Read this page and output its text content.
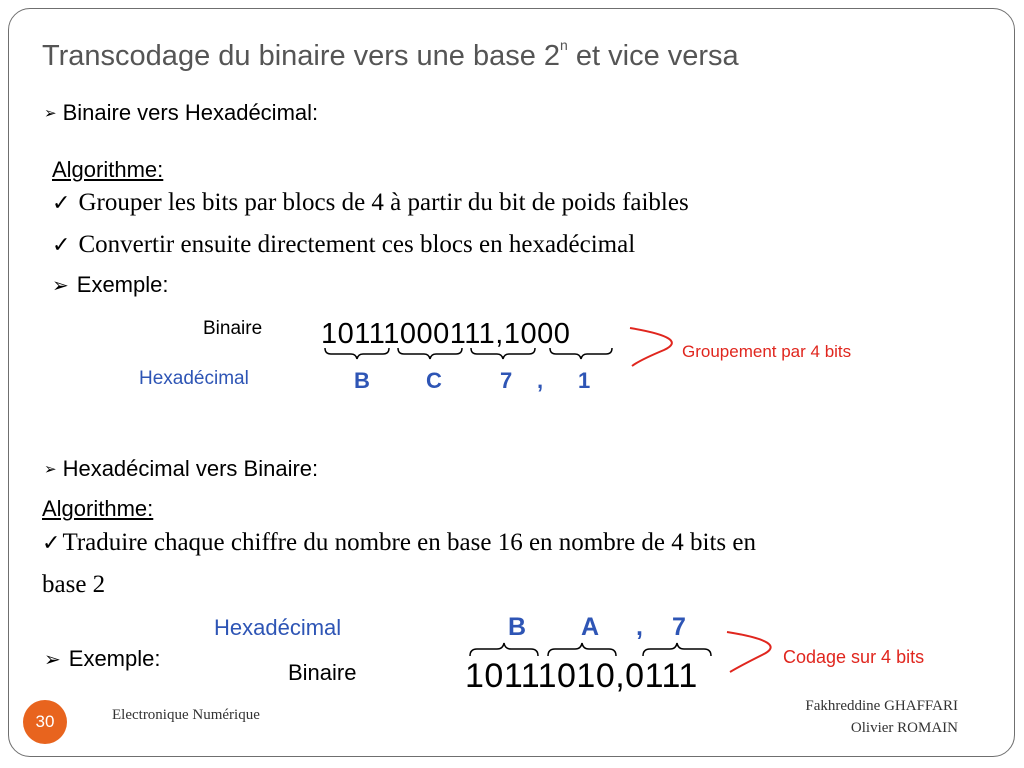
Transcodage du binaire vers une base 2$^n$ et vice versa
➢ Binaire vers Hexadécimal:
Algorithme:
✓ Grouper les bits par blocs de 4 à partir du bit de poids faibles
✓ Convertir ensuite directement ces blocs en hexadécimal
➢ Exemple:
Binaire
Hexadécimal
10111000111,1000
B	C	7 , 1
Groupement par 4 bits
➢ Hexadécimal vers Binaire:
Algorithme:
✓Traduire chaque chiffre du nombre en base 16 en nombre de 4 bits en
base 2
➢ Exemple:
Hexadécimal
Binaire
B A , 7
10111010,0111	Codage sur 4 bits
30	Electronique Numérique
Fakhreddine GHAFFARI
Olivier ROMAIN
